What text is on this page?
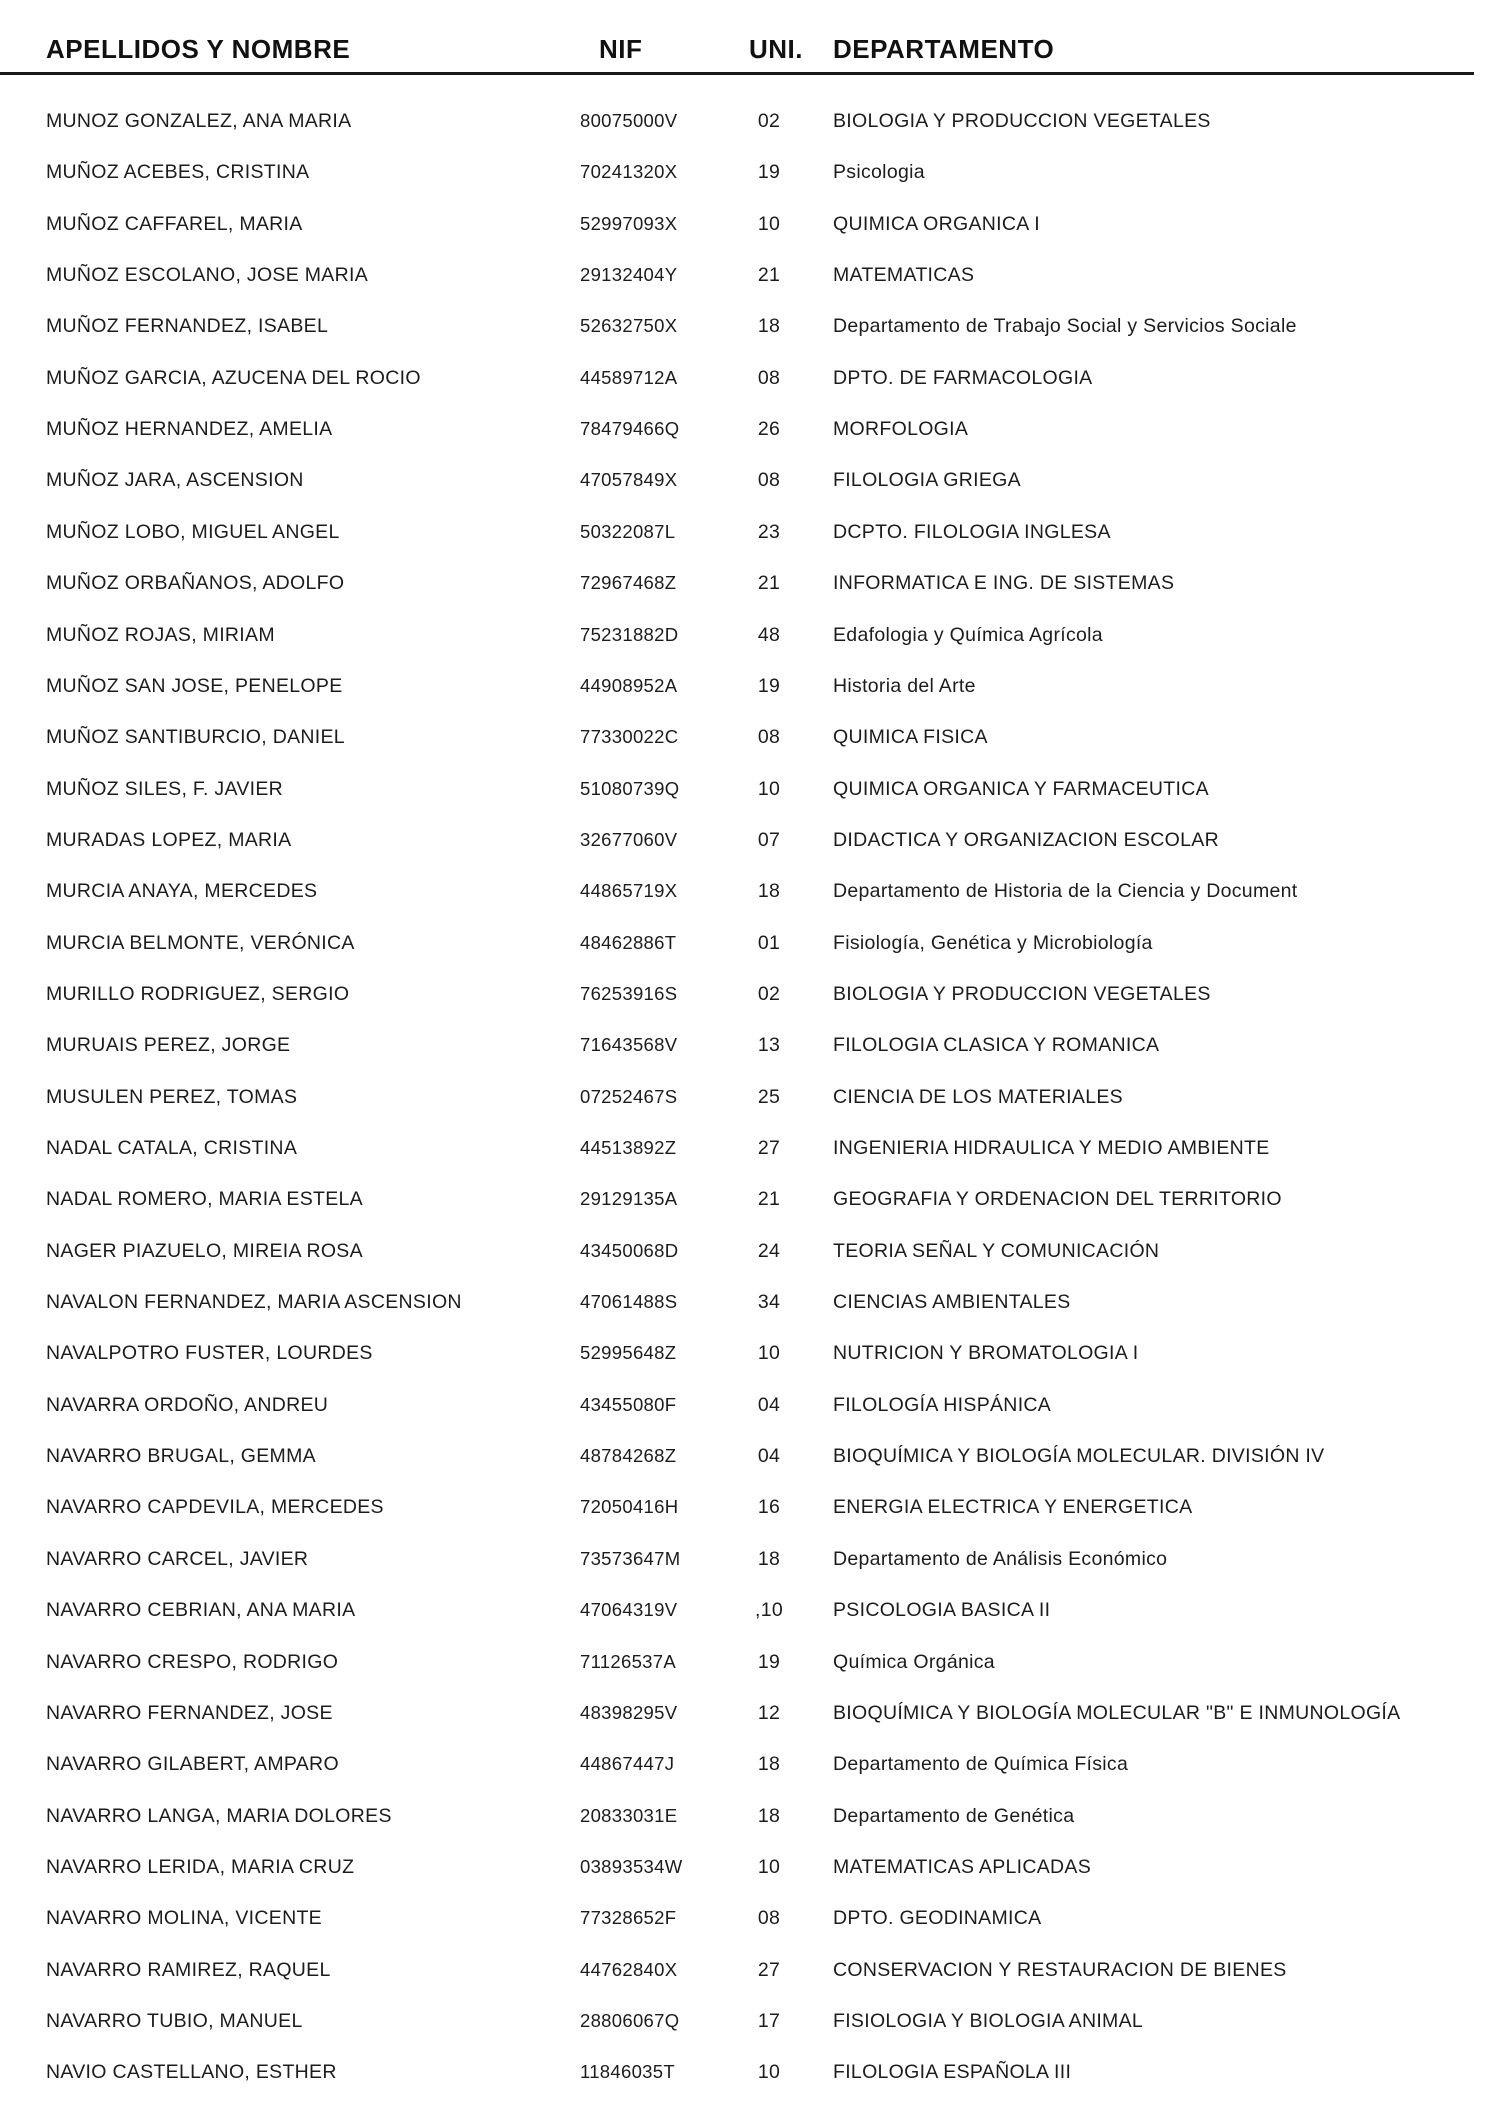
APELLIDOS Y NOMBRE	NIF	UNI. DEPARTAMENTO
MUNOZ GONZALEZ, ANA MARIA	80075000V	02	BIOLOGIA Y PRODUCCION VEGETALES
MUÑOZ ACEBES, CRISTINA	70241320X	19	Psicologia
MUÑOZ CAFFAREL, MARIA	52997093X	10	QUIMICA ORGANICA I
MUÑOZ ESCOLANO, JOSE MARIA	29132404Y	21	MATEMATICAS
MUÑOZ FERNANDEZ, ISABEL	52632750X	18	Departamento de Trabajo Social y Servicios Sociale
MUÑOZ GARCIA, AZUCENA DEL ROCIO	44589712A	08	DPTO. DE FARMACOLOGIA
MUÑOZ HERNANDEZ, AMELIA	78479466Q	26	MORFOLOGIA
MUÑOZ JARA, ASCENSION	47057849X	08	FILOLOGIA GRIEGA
MUÑOZ LOBO, MIGUEL ANGEL	50322087L	23	DCPTO. FILOLOGIA INGLESA
MUÑOZ ORBAÑANOS, ADOLFO	72967468Z	21	INFORMATICA E ING. DE SISTEMAS
MUÑOZ ROJAS, MIRIAM	75231882D	48	Edafologia y Química Agrícola
MUÑOZ SAN JOSE, PENELOPE	44908952A	19	Historia del Arte
MUÑOZ SANTIBURCIO, DANIEL	77330022C	08	QUIMICA FISICA
MUÑOZ SILES, F. JAVIER	51080739Q	10	QUIMICA ORGANICA Y FARMACEUTICA
MURADAS LOPEZ, MARIA	32677060V	07	DIDACTICA Y ORGANIZACION ESCOLAR
MURCIA ANAYA, MERCEDES	44865719X	18	Departamento de Historia de la Ciencia y Document
MURCIA BELMONTE, VERÓNICA	48462886T	01	Fisiología, Genética y Microbiología
MURILLO RODRIGUEZ, SERGIO	76253916S	02	BIOLOGIA Y PRODUCCION VEGETALES
MURUAIS PEREZ, JORGE	71643568V	13	FILOLOGIA CLASICA Y ROMANICA
MUSULEN PEREZ, TOMAS	07252467S	25	CIENCIA DE LOS MATERIALES
NADAL CATALA, CRISTINA	44513892Z	27	INGENIERIA HIDRAULICA Y MEDIO AMBIENTE
NADAL ROMERO, MARIA ESTELA	29129135A	21	GEOGRAFIA Y ORDENACION DEL TERRITORIO
NAGER PIAZUELO, MIREIA ROSA	43450068D	24	TEORIA SEÑAL Y COMUNICACIÓN
NAVALON FERNANDEZ, MARIA ASCENSION	47061488S	34	CIENCIAS AMBIENTALES
NAVALPOTRO FUSTER, LOURDES	52995648Z	10	NUTRICION Y BROMATOLOGIA I
NAVARRA ORDOÑO, ANDREU	43455080F	04	FILOLOGÍA HISPÁNICA
NAVARRO BRUGAL, GEMMA	48784268Z	04	BIOQUÍMICA Y BIOLOGÍA MOLECULAR. DIVISIÓN IV
NAVARRO CAPDEVILA, MERCEDES	72050416H	16	ENERGIA ELECTRICA Y ENERGETICA
NAVARRO CARCEL, JAVIER	73573647M	18	Departamento de Análisis Económico
NAVARRO CEBRIAN, ANA MARIA	47064319V	,10	PSICOLOGIA BASICA II
NAVARRO CRESPO, RODRIGO	71126537A	19	Química Orgánica
NAVARRO FERNANDEZ, JOSE	48398295V	12	BIOQUÍMICA Y BIOLOGÍA MOLECULAR "B" E INMUNOLOGÍA
NAVARRO GILABERT, AMPARO	44867447J	18	Departamento de Química Física
NAVARRO LANGA, MARIA DOLORES	20833031E	18	Departamento de Genética
NAVARRO LERIDA, MARIA CRUZ	03893534W	10	MATEMATICAS APLICADAS
NAVARRO MOLINA, VICENTE	77328652F	08	DPTO. GEODINAMICA
NAVARRO RAMIREZ, RAQUEL	44762840X	27	CONSERVACION Y RESTAURACION DE BIENES
NAVARRO TUBIO, MANUEL	28806067Q	17	FISIOLOGIA Y BIOLOGIA ANIMAL
NAVIO CASTELLANO, ESTHER	11846035T	10	FILOLOGIA ESPAÑOLA III
